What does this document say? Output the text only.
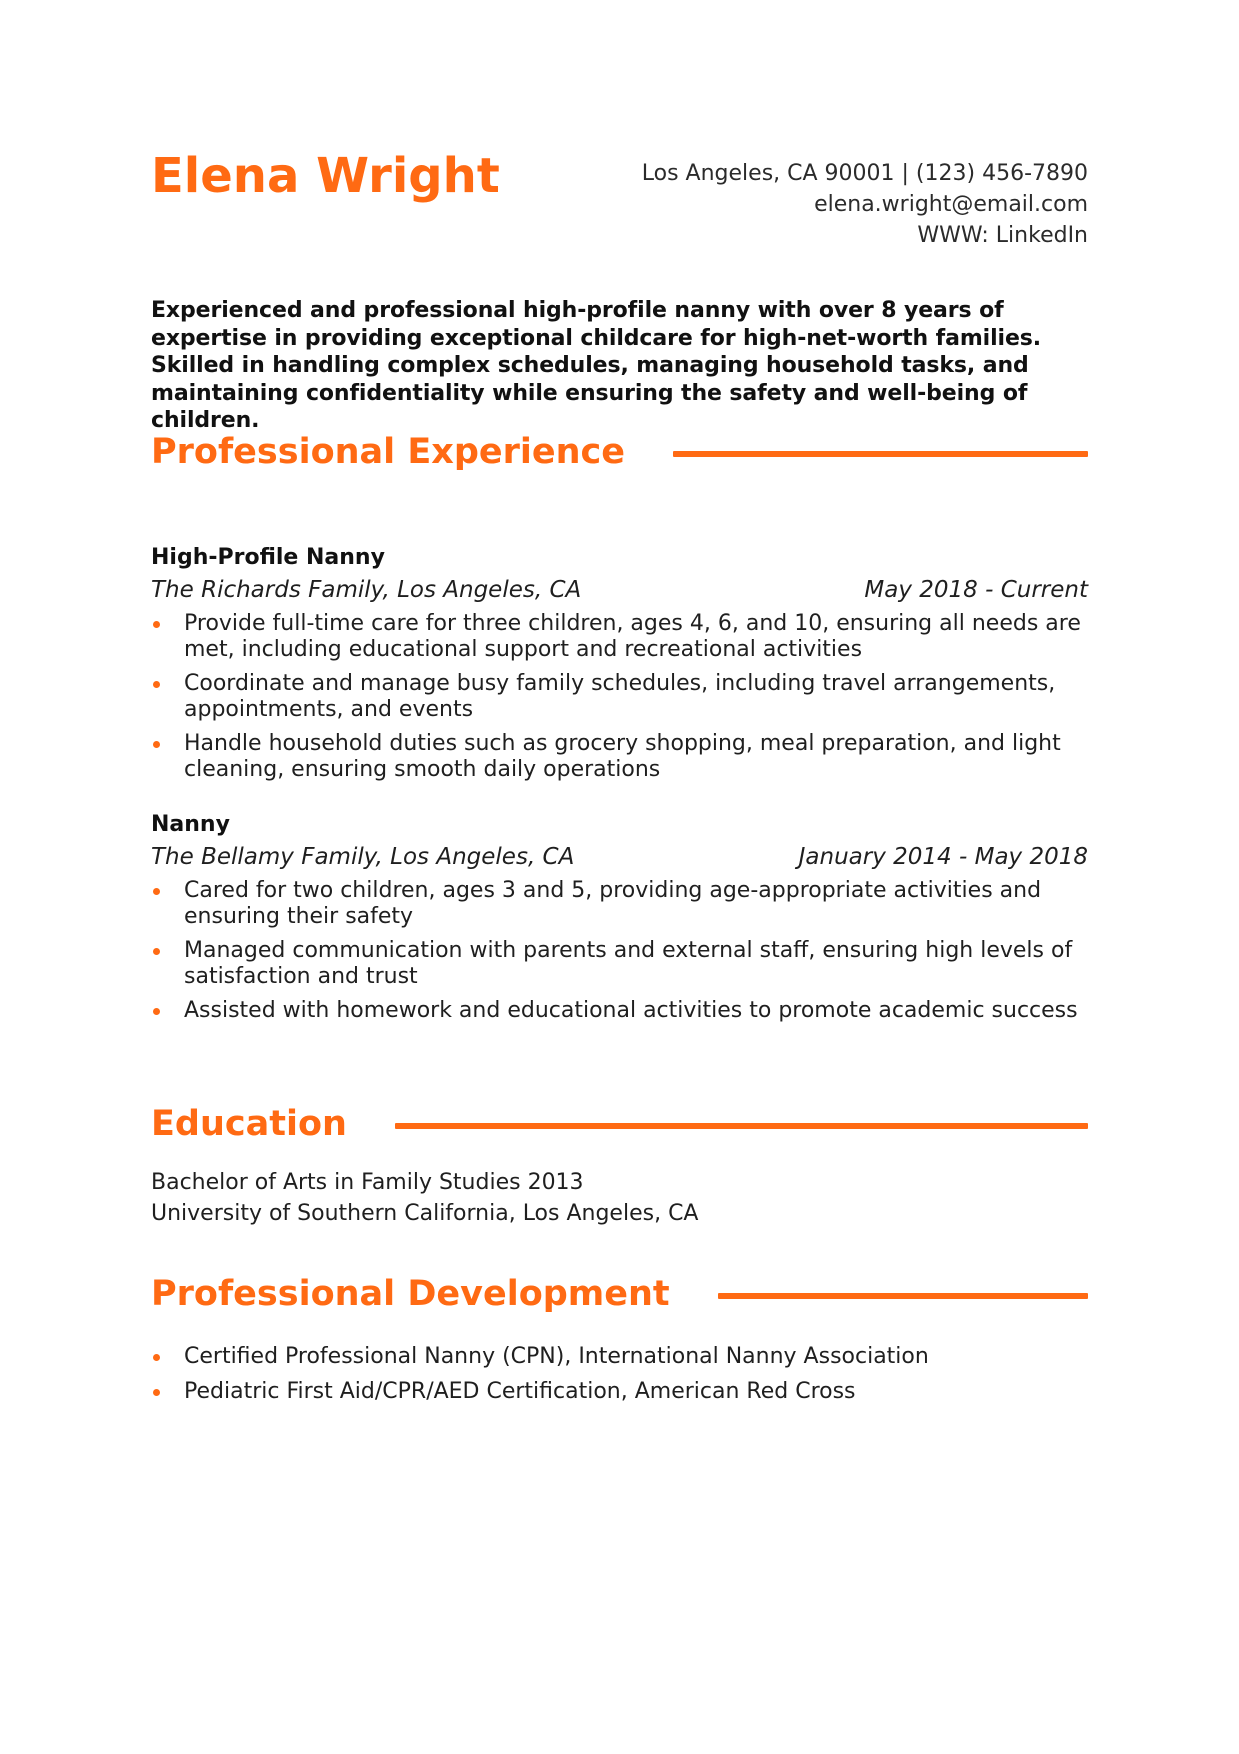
Elena Wright	Los Angeles, CA 90001 | (123) 456-7890
elena.wright@email.com
WWW: LinkedIn

Experienced and professional high-profile nanny with over 8 years of expertise in providing exceptional childcare for high-net-worth families. Skilled in handling complex schedules, managing household tasks, and maintaining confidentiality while ensuring the safety and well-being of children.

Professional Experience

High-Profile Nanny

The Richards Family, Los Angeles, CA	May 2018 - Current
Provide full-time care for three children, ages 4, 6, and 10, ensuring all needs are met, including educational support and recreational activities
Coordinate and manage busy family schedules, including travel arrangements, appointments, and events
Handle household duties such as grocery shopping, meal preparation, and light cleaning, ensuring smooth daily operations

Nanny

The Bellamy Family, Los Angeles, CA	January 2014 - May 2018
Cared for two children, ages 3 and 5, providing age-appropriate activities and ensuring their safety
Managed communication with parents and external staff, ensuring high levels of satisfaction and trust
Assisted with homework and educational activities to promote academic success
Education
Bachelor of Arts in Family Studies 2013
University of Southern California, Los Angeles, CA
Professional Development
Certified Professional Nanny (CPN), International Nanny Association
Pediatric First Aid/CPR/AED Certification, American Red Cross
